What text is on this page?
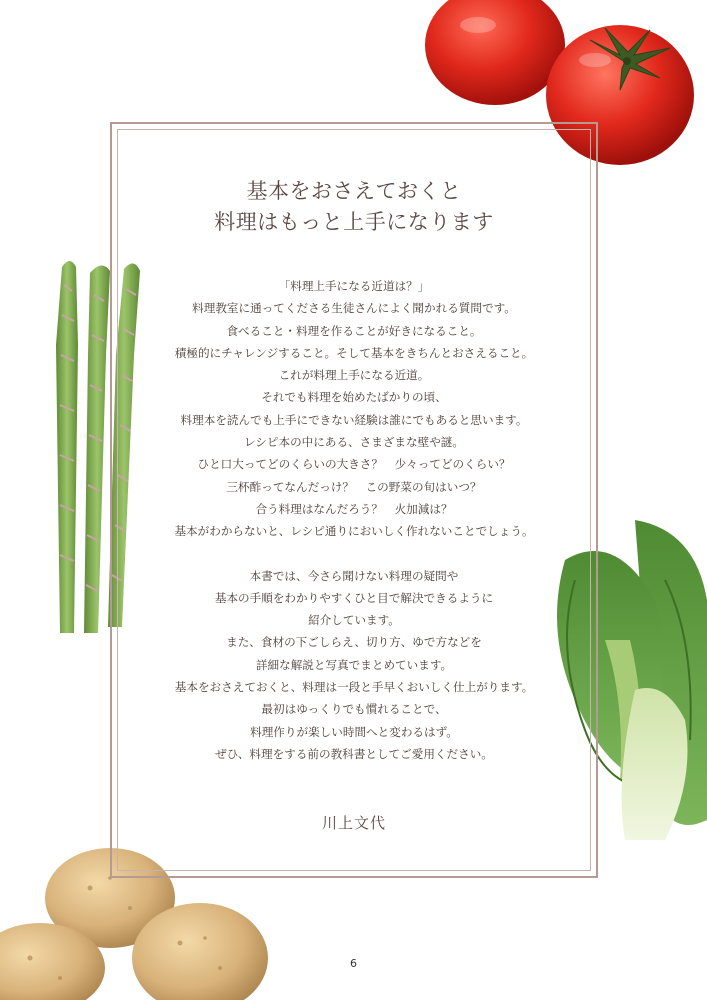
基本をおさえておくと
料理はもっと上手になります
「料理上手になる近道は？」
料理教室に通ってくださる生徒さんによく聞かれる質問です。
食べること・料理を作ることが好きになること。
積極的にチャレンジすること。そして基本をきちんとおさえること。
これが料理上手になる近道。
それでも料理を始めたばかりの頃、
料理本を読んでも上手にできない経験は誰にでもあると思います。
レシピ本の中にある、さまざまな壁や謎。
ひと口大ってどのくらいの大きさ？　少々ってどのくらい？
三杯酢ってなんだっけ？　この野菜の旬はいつ？
合う料理はなんだろう？　火加減は？
基本がわからないと、レシピ通りにおいしく作れないことでしょう。
本書では、今さら聞けない料理の疑問や
基本の手順をわかりやすくひと目で解決できるように
紹介しています。
また、食材の下ごしらえ、切り方、ゆで方などを
詳細な解説と写真でまとめています。
基本をおさえておくと、料理は一段と手早くおいしく仕上がります。
最初はゆっくりでも慣れることで、
料理作りが楽しい時間へと変わるはず。
ぜひ、料理をする前の教科書としてご愛用ください。
川上文代
6
